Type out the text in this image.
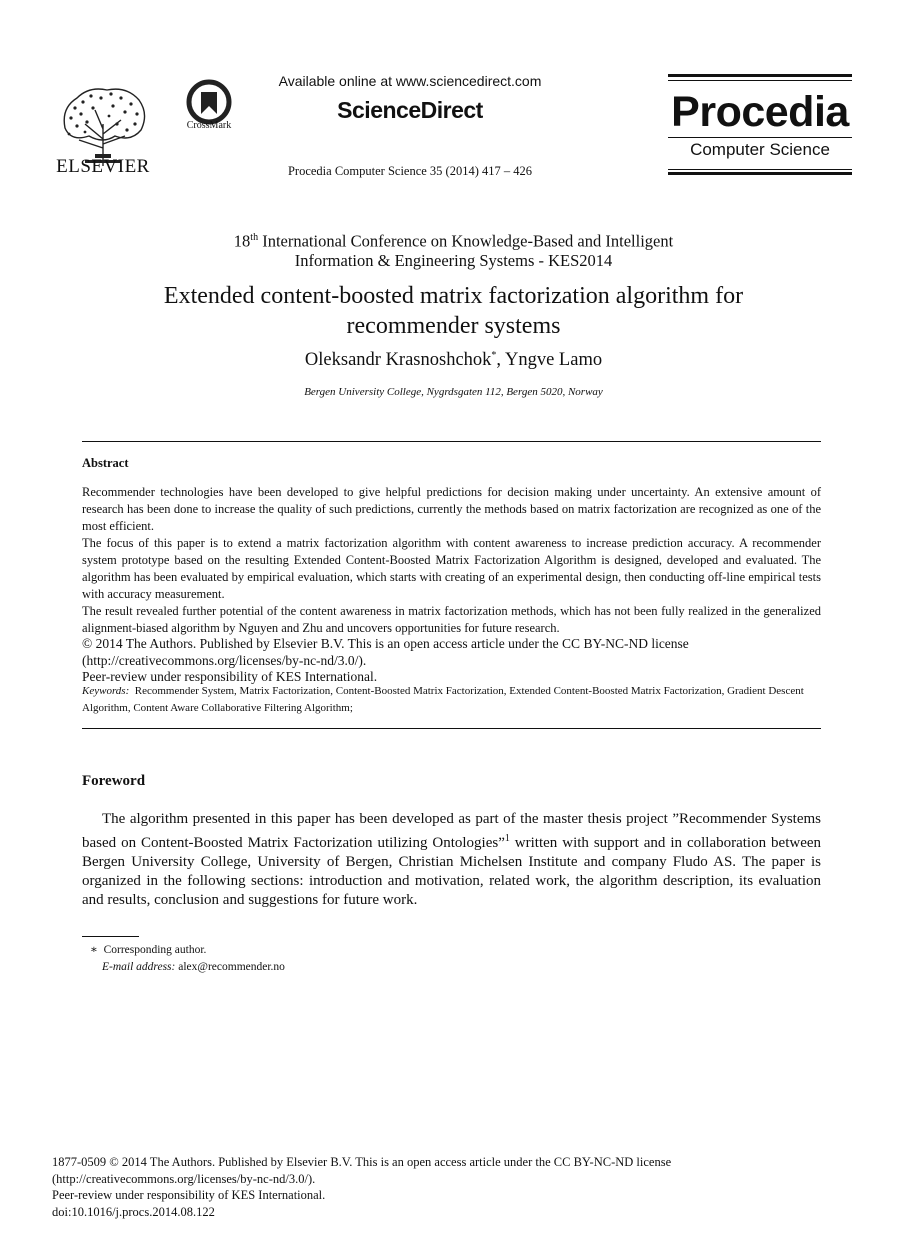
ELSEVIER
CrossMark
Available online at www.sciencedirect.com
ScienceDirect
Procedia Computer Science 35 (2014) 417 – 426
Procedia
Computer Science
18th International Conference on Knowledge-Based and Intelligent
Information & Engineering Systems - KES2014
Extended content-boosted matrix factorization algorithm for
recommender systems
Oleksandr Krasnoshchok*, Yngve Lamo
Bergen University College, Nygrdsgaten 112, Bergen 5020, Norway
Abstract

Recommender technologies have been developed to give helpful predictions for decision making under uncertainty. An extensive amount of research has been done to increase the quality of such predictions, currently the methods based on matrix factorization are recognized as one of the most efficient.

The focus of this paper is to extend a matrix factorization algorithm with content awareness to increase prediction accuracy. A recommender system prototype based on the resulting Extended Content-Boosted Matrix Factorization Algorithm is designed, developed and evaluated. The algorithm has been evaluated by empirical evaluation, which starts with creating of an experimental design, then conducting off-line empirical tests with accuracy measurement.

The result revealed further potential of the content awareness in matrix factorization methods, which has not been fully realized in the generalized alignment-biased algorithm by Nguyen and Zhu and uncovers opportunities for future research.

© 2014 The Authors. Published by Elsevier B.V. This is an open access article under the CC BY-NC-ND license

(http://creativecommons.org/licenses/by-nc-nd/3.0/).

Peer-review under responsibility of KES International.

Keywords: Recommender System, Matrix Factorization, Content-Boosted Matrix Factorization, Extended Content-Boosted Matrix Factorization, Gradient Descent Algorithm, Content Aware Collaborative Filtering Algorithm;
Foreword

The algorithm presented in this paper has been developed as part of the master thesis project ”Recommender Systems based on Content-Boosted Matrix Factorization utilizing Ontologies”$^1$ written with support and in collaboration between Bergen University College, University of Bergen, Christian Michelsen Institute and company Fludo AS. The paper is organized in the following sections: introduction and motivation, related work, the algorithm description, its evaluation and results, conclusion and suggestions for future work.

∗ Corresponding author.
E-mail address: alex@recommender.no
1877-0509 © 2014 The Authors. Published by Elsevier B.V. This is an open access article under the CC BY-NC-ND license
(http://creativecommons.org/licenses/by-nc-nd/3.0/).
Peer-review under responsibility of KES International.
doi:10.1016/j.procs.2014.08.122
